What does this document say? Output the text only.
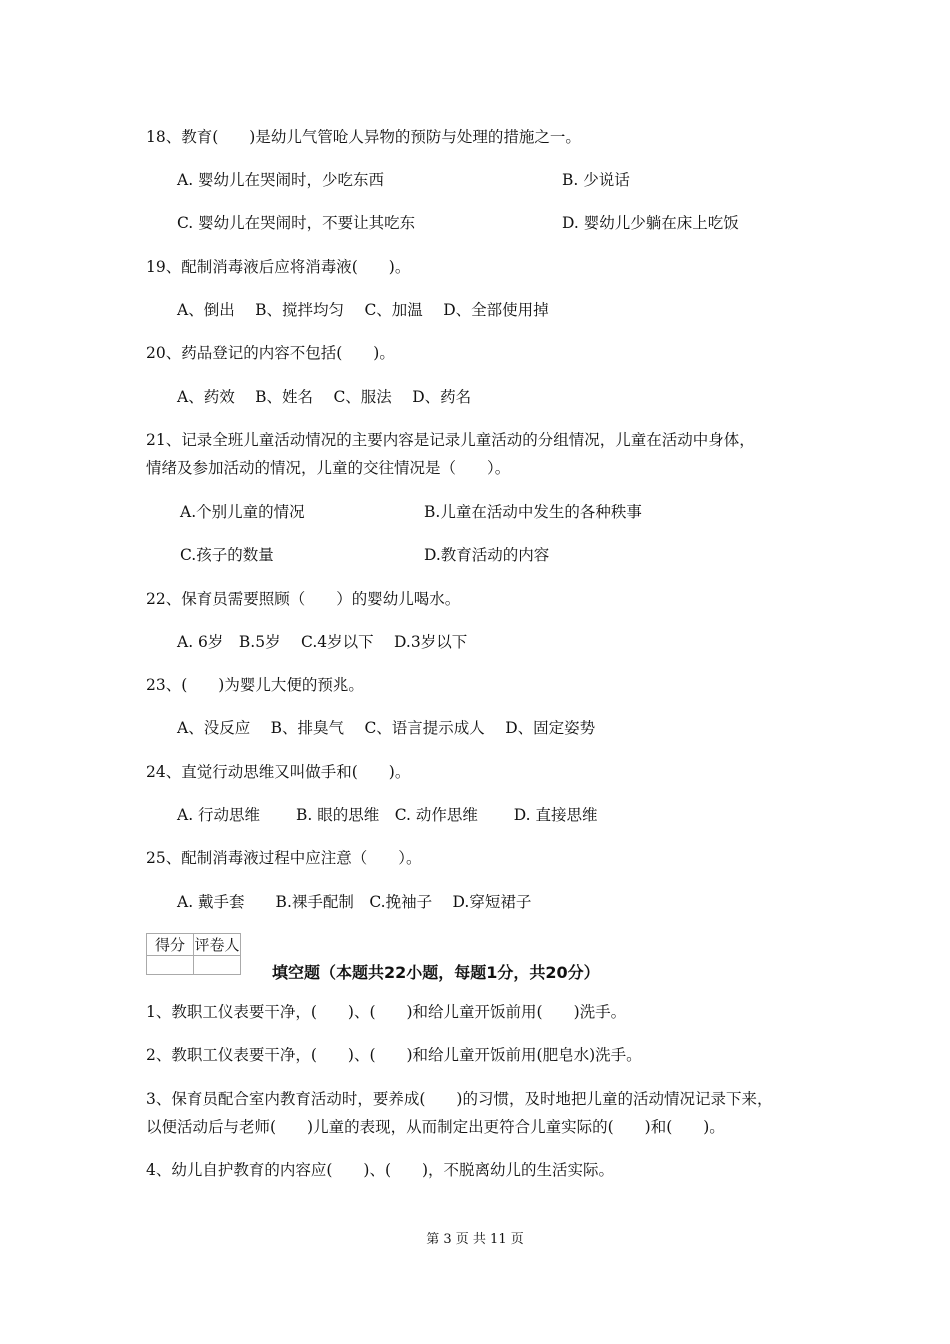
18、教育(　　)是幼儿气管呛人异物的预防与处理的措施之一。
A. 婴幼儿在哭闹时，少吃东西	B. 少说话
C. 婴幼儿在哭闹时，不要让其吃东	D. 婴幼儿少躺在床上吃饭
19、配制消毒液后应将消毒液(　　)。
A、倒出　 B、搅拌均匀　 C、加温　 D、全部使用掉
20、药品登记的内容不包括(　　)。
A、药效　 B、姓名　 C、服法　 D、药名
21、记录全班儿童活动情况的主要内容是记录儿童活动的分组情况，儿童在活动中身体，
情绪及参加活动的情况，儿童的交往情况是（　　）。
A.个别儿童的情况	B.儿童在活动中发生的各种秩事
C.孩子的数量	D.教育活动的内容
22、保育员需要照顾（　　）的婴幼儿喝水。
A. 6岁　B.5岁　 C.4岁以下　 D.3岁以下
23、(　　)为婴儿大便的预兆。
A、没反应　 B、排臭气　 C、语言提示成人　 D、固定姿势
24、直觉行动思维又叫做手和(　　)。
A. 行动思维　　 B. 眼的思维　C. 动作思维　　 D. 直接思维
25、配制消毒液过程中应注意（　　）。
A. 戴手套　　B.裸手配制　C.挽袖子　 D.穿短裙子
得分	评卷人

填空题（本题共22小题，每题1分，共20分）
1、教职工仪表要干净，(　　)、(　　)和给儿童开饭前用(　　)洗手。
2、教职工仪表要干净，(　　)、(　　)和给儿童开饭前用(肥皂水)洗手。
3、保育员配合室内教育活动时，要养成(　　)的习惯，及时地把儿童的活动情况记录下来，
以便活动后与老师(　　)儿童的表现，从而制定出更符合儿童实际的(　　)和(　　)。
4、幼儿自护教育的内容应(　　)、(　　)，不脱离幼儿的生活实际。
第 3 页 共 11 页
